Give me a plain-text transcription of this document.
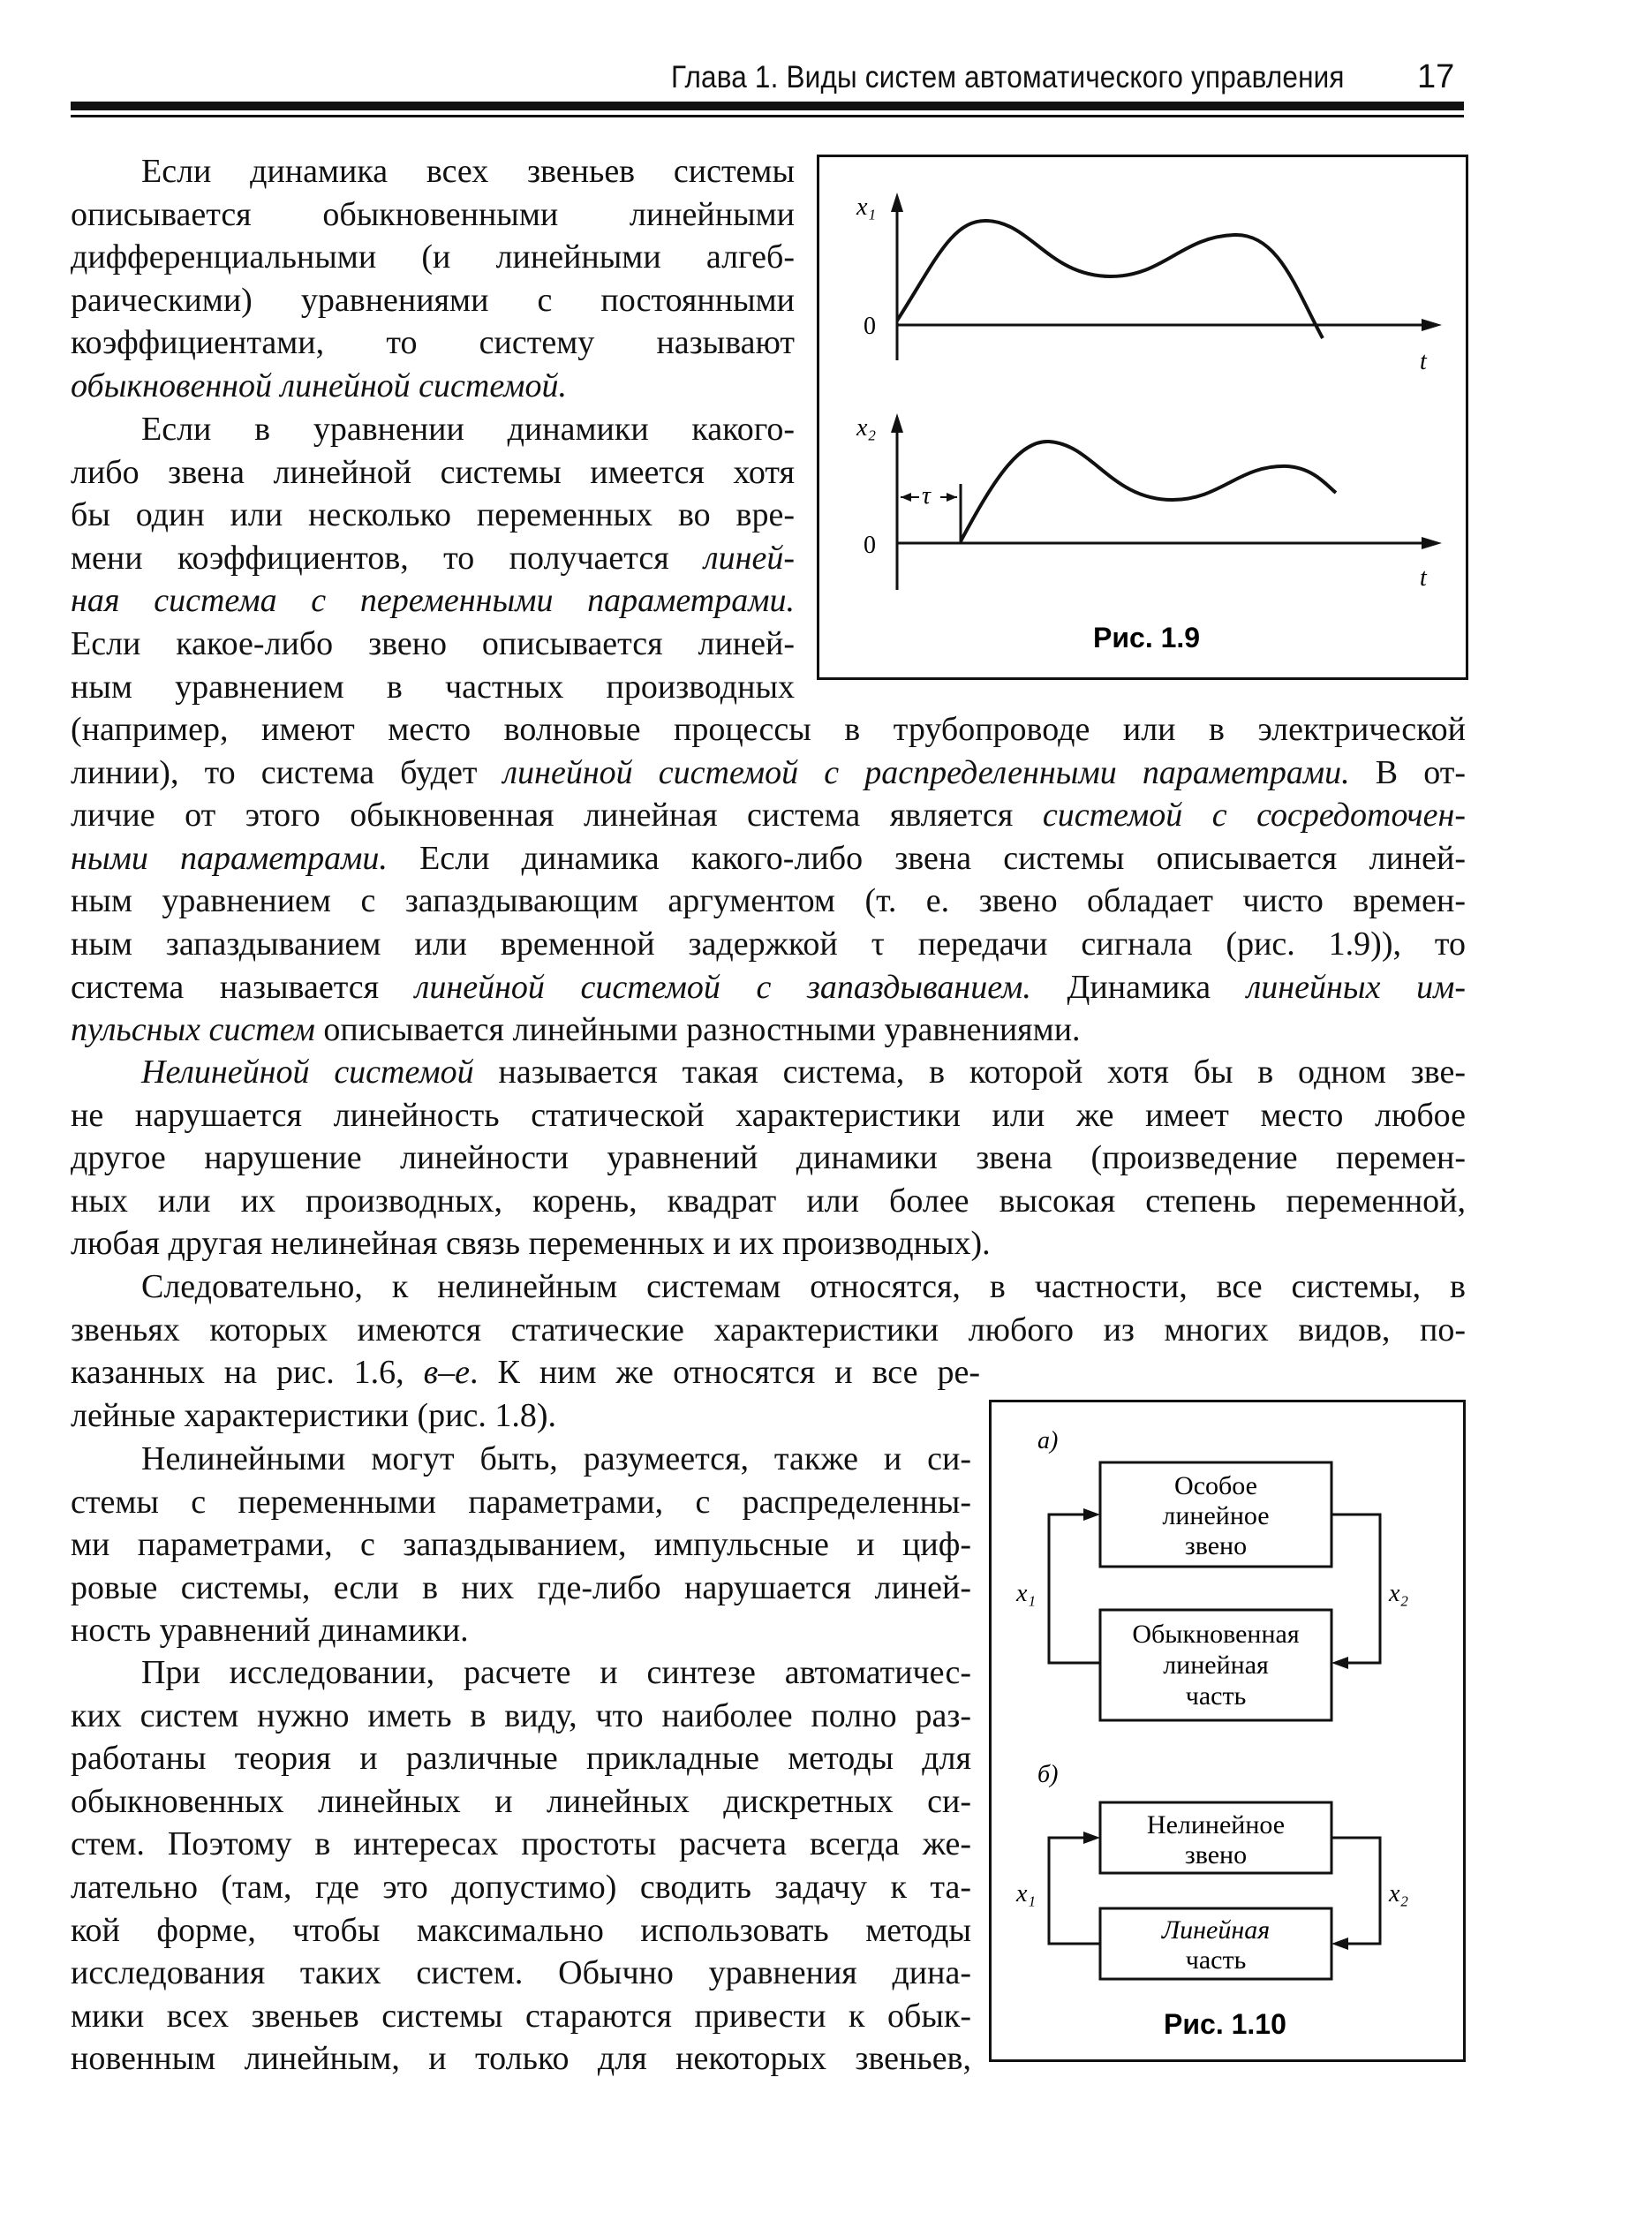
Глава 1. Виды систем автоматического управления 17
Если динамика всех звеньев системы
описывается обыкновенными линейными
дифференциальными (и линейными алгеб-
раическими) уравнениями с постоянными
коэффициентами, то систему называют
обыкновенной линейной системой.
Если в уравнении динамики какого-
либо звена линейной системы имеется хотя
бы один или несколько переменных во вре-
мени коэффициентов, то получается линей-
ная система с переменными параметрами.
Если какое-либо звено описывается линей-
ным уравнением в частных производных
(например, имеют место волновые процессы в трубопроводе или в электрической
линии), то система будет линейной системой с распределенными параметрами. В от-
личие от этого обыкновенная линейная система является системой с сосредоточен-
ными параметрами. Если динамика какого-либо звена системы описывается линей-
ным уравнением с запаздывающим аргументом (т. е. звено обладает чисто времен-
ным запаздыванием или временной задержкой τ передачи сигнала (рис. 1.9)), то
система называется линейной системой с запаздыванием. Динамика линейных им-
пульсных систем описывается линейными разностными уравнениями.
Нелинейной системой называется такая система, в которой хотя бы в одном зве-
не нарушается линейность статической характеристики или же имеет место любое
другое нарушение линейности уравнений динамики звена (произведение перемен-
ных или их производных, корень, квадрат или более высокая степень переменной,
любая другая нелинейная связь переменных и их производных).
Следовательно, к нелинейным системам относятся, в частности, все системы, в
звеньях которых имеются статические характеристики любого из многих видов, по-
казанных на рис. 1.6, в–е. К ним же относятся и все ре-
лейные характеристики (рис. 1.8).
Нелинейными могут быть, разумеется, также и си-
стемы с переменными параметрами, с распределенны-
ми параметрами, с запаздыванием, импульсные и циф-
ровые системы, если в них где-либо нарушается линей-
ность уравнений динамики.
При исследовании, расчете и синтезе автоматичес-
ких систем нужно иметь в виду, что наиболее полно раз-
работаны теория и различные прикладные методы для
обыкновенных линейных и линейных дискретных си-
стем. Поэтому в интересах простоты расчета всегда же-
лательно (там, где это допустимо) сводить задачу к та-
кой форме, чтобы максимально использовать методы
исследования таких систем. Обычно уравнения дина-
мики всех звеньев системы стараются привести к обык-
новенным линейным, и только для некоторых звеньев,
x₁
0
t
τ
x₂
0
t
Рис. 1.9
а)
Особое
линейное
звено
Обыкновенная
линейная
часть
x₁	x₂
б)
Нелинейное
звено
Линейная
часть
x₁	x₂
Рис. 1.10
